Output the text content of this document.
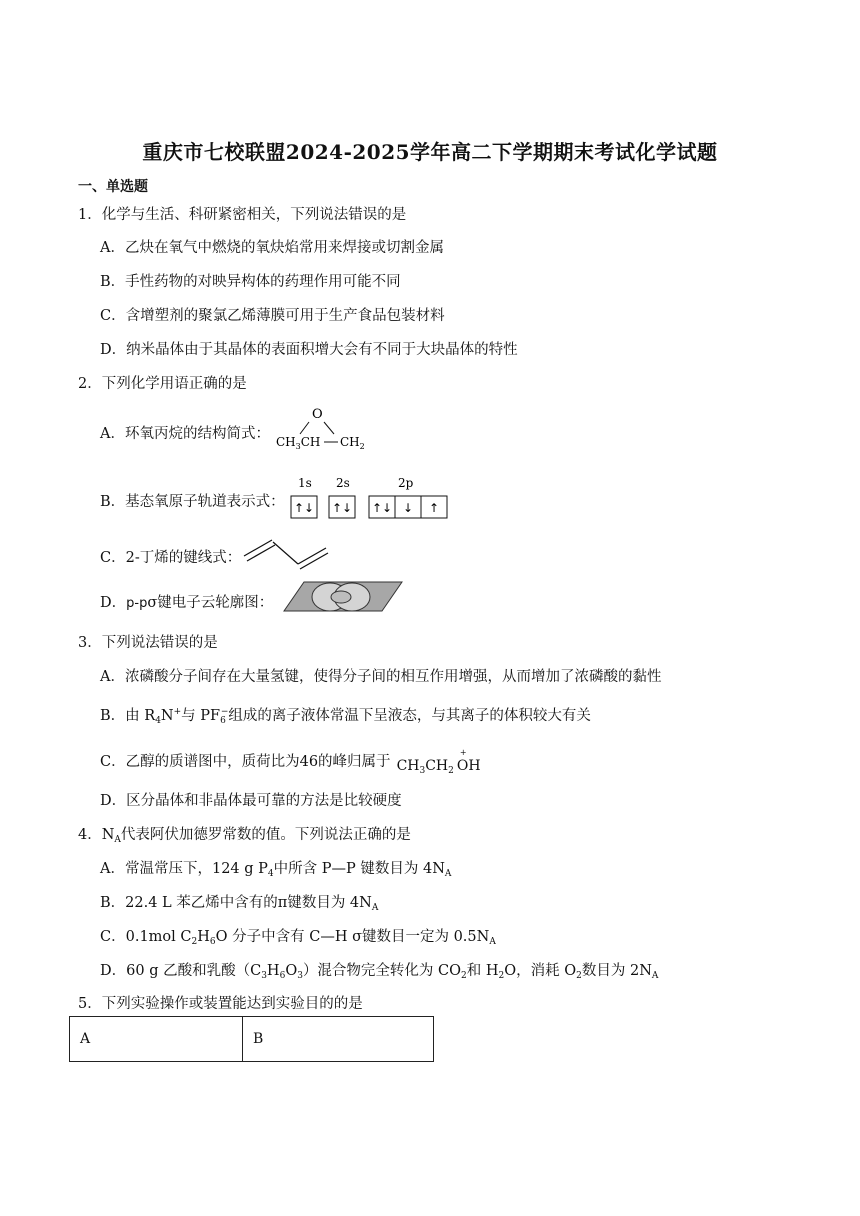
重庆市七校联盟2024-2025学年高二下学期期末考试化学试题
一、单选题
1．化学与生活、科研紧密相关，下列说法错误的是
A．乙炔在氧气中燃烧的氧炔焰常用来焊接或切割金属
B．手性药物的对映异构体的药理作用可能不同
C．含增塑剂的聚氯乙烯薄膜可用于生产食品包装材料
D．纳米晶体由于其晶体的表面积增大会有不同于大块晶体的特性
2．下列化学用语正确的是
A．环氧丙烷的结构简式：
O
$CH_3CH$ $CH_2$
B．基态氧原子轨道表示式：
1s 2s	2p
↑↓ ↑↓ ↑↓ ↓ ↑
C．2-丁烯的键线式：
D．p-pσ键电子云轮廓图：
3．下列说法错误的是
A．浓磷酸分子间存在大量氢键，使得分子间的相互作用增强，从而增加了浓磷酸的黏性
B．由 $R_4N^+$与 $PF_6^-$组成的离子液体常温下呈液态，与其离子的体积较大有关
C．乙醇的质谱图中，质荷比为46的峰归属于 $CH_3CH_2$
+
OH
D．区分晶体和非晶体最可靠的方法是比较硬度
4．$N_A$代表阿伏加德罗常数的值。下列说法正确的是
A．常温常压下，124 g $P_4$中所含 P—P 键数目为 $4N_A$
B．22.4 L 苯乙烯中含有的π键数目为 $4N_A$
C．0.1mol $C_2H_6O$ 分子中含有 C—H σ键数目一定为 $0.5N_A$
D．60 g 乙酸和乳酸$(C_3H_6O_3)$混合物完全转化为 $CO_2$和 $H_2O$，消耗 $O_2$数目为 $2N_A$
5．下列实验操作或装置能达到实验目的的是
A	B
